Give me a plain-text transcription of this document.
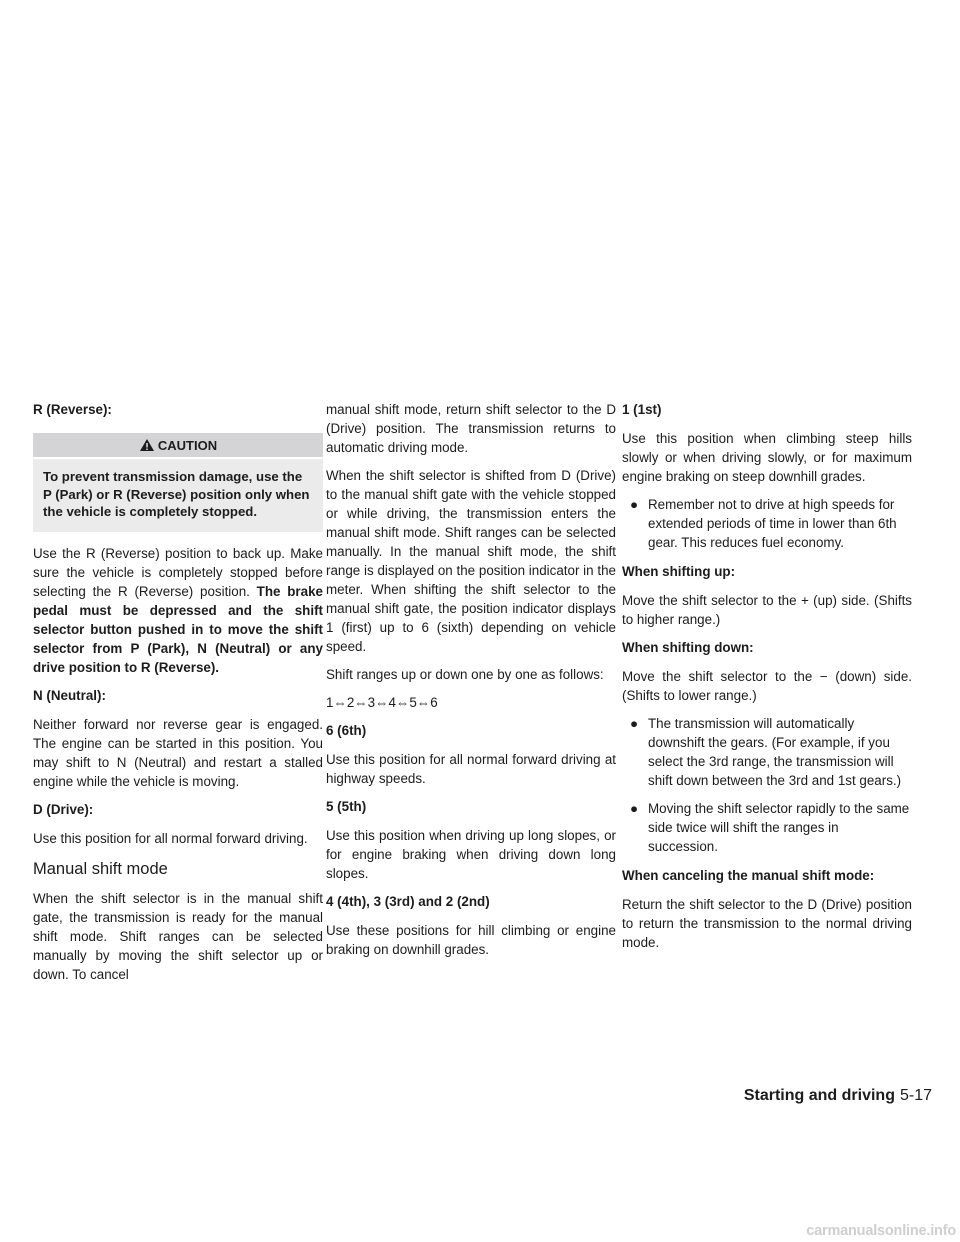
R (Reverse):
CAUTION
To prevent transmission damage, use the P (Park) or R (Reverse) position only when the vehicle is completely stopped.

Use the R (Reverse) position to back up. Make sure the vehicle is completely stopped before selecting the R (Reverse) position. The brake pedal must be depressed and the shift selector button pushed in to move the shift selector from P (Park), N (Neutral) or any drive position to R (Reverse).

N (Neutral):

Neither forward nor reverse gear is engaged. The engine can be started in this position. You may shift to N (Neutral) and restart a stalled engine while the vehicle is moving.

D (Drive):

Use this position for all normal forward driving.

Manual shift mode

When the shift selector is in the manual shift gate, the transmission is ready for the manual shift mode. Shift ranges can be selected manually by moving the shift selector up or down. To cancel

manual shift mode, return shift selector to the D (Drive) position. The transmission returns to automatic driving mode.

When the shift selector is shifted from D (Drive) to the manual shift gate with the vehicle stopped or while driving, the transmission enters the manual shift mode. Shift ranges can be selected manually. In the manual shift mode, the shift range is displayed on the position indicator in the meter. When shifting the shift selector to the manual shift gate, the position indicator displays 1 (first) up to 6 (sixth) depending on vehicle speed.

Shift ranges up or down one by one as follows:

1⇔2⇔3⇔4⇔5⇔6

6 (6th)

Use this position for all normal forward driving at highway speeds.

5 (5th)

Use this position when driving up long slopes, or for engine braking when driving down long slopes.

4 (4th), 3 (3rd) and 2 (2nd)

Use these positions for hill climbing or engine braking on downhill grades.

1 (1st)

Use this position when climbing steep hills slowly or when driving slowly, or for maximum engine braking on steep downhill grades.

● Remember not to drive at high speeds for extended periods of time in lower than 6th gear. This reduces fuel economy.
When shifting up:

Move the shift selector to the + (up) side. (Shifts to higher range.)

When shifting down:

Move the shift selector to the − (down) side. (Shifts to lower range.)

● The transmission will automatically downshift the gears. (For example, if you select the 3rd range, the transmission will shift down between the 3rd and 1st gears.)
● Moving the shift selector rapidly to the same side twice will shift the ranges in succession.
When canceling the manual shift mode:

Return the shift selector to the D (Drive) position to return the transmission to the normal driving mode.

Starting and driving 5-17
carmanualsonline.info
